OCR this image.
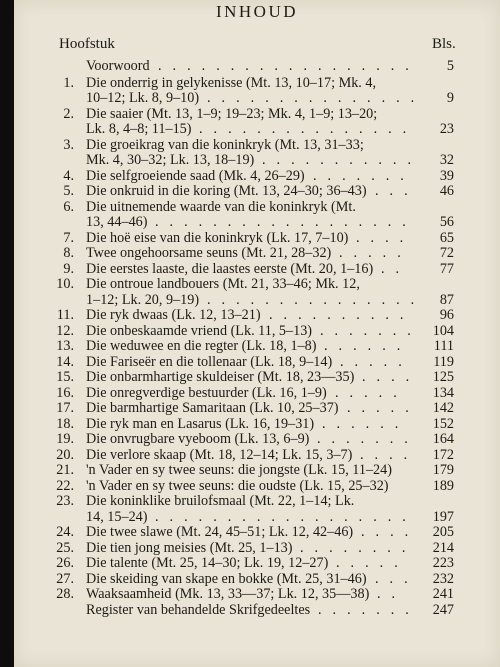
INHOUD
Hoofstuk	Bls.
Voorwoord	5
..................
1. Die onderrig in gelykenisse (Mt. 13, 10–17; Mk. 4,
10–12; Lk. 8, 9–10)	9
...............
2. Die saaier (Mt. 13, 1–9; 19–23; Mk. 4, 1–9; 13–20;
Lk. 8, 4–8; 11–15)	23
...............
3. Die groeikrag van die koninkryk (Mt. 13, 31–33;
Mk. 4, 30–32; Lk. 13, 18–19)	32
...........
4. Die selfgroeiende saad (Mk. 4, 26–29)	39
.......
5. Die onkruid in die koring (Mt. 13, 24–30; 36–43)	46
...
6. Die uitnemende waarde van die koninkryk (Mt.
13, 44–46)	56
..................
7. Die hoë eise van die koninkryk (Lk. 17, 7–10)	65
....
8. Twee ongehoorsame seuns (Mt. 21, 28–32)	72
.....
9. Die eerstes laaste, die laastes eerste (Mt. 20, 1–16)	77
..
10. Die ontroue landbouers (Mt. 21, 33–46; Mk. 12,
1–12; Lk. 20, 9–19)	87
...............
11. Die ryk dwaas (Lk. 12, 13–21)	96
..........
12. Die onbeskaamde vriend (Lk. 11, 5–13)	104
.......
13. Die weduwee en die regter (Lk. 18, 1–8)	111
......
14. Die Fariseër en die tollenaar (Lk. 18, 9–14)	119
.....
15. Die onbarmhartige skuldeiser (Mt. 18, 23—35)	125
....
16. Die onregverdige bestuurder (Lk. 16, 1–9)	134
.....
17. Die barmhartige Samaritaan (Lk. 10, 25–37)	142
.....
18. Die ryk man en Lasarus (Lk. 16, 19–31)	152
......
19. Die onvrugbare vyeboom (Lk. 13, 6–9)	164
.......
20. Die verlore skaap (Mt. 18, 12–14; Lk. 15, 3–7)	172
....
21. 'n Vader en sy twee seuns: die jongste (Lk. 15, 11–24)	179
22. 'n Vader en sy twee seuns: die oudste (Lk. 15, 25–32)	189
23. Die koninklike bruilofsmaal (Mt. 22, 1–14; Lk.
14, 15–24)	197
..................
24. Die twee slawe (Mt. 24, 45–51; Lk. 12, 42–46)	205
....
25. Die tien jong meisies (Mt. 25, 1–13)	214
........
26. Die talente (Mt. 25, 14–30; Lk. 19, 12–27)	223
.....
27. Die skeiding van skape en bokke (Mt. 25, 31–46)	232
...
28. Waaksaamheid (Mk. 13, 33—37; Lk. 12, 35—38)	241
..
Register van behandelde Skrifgedeeltes	247
.......
